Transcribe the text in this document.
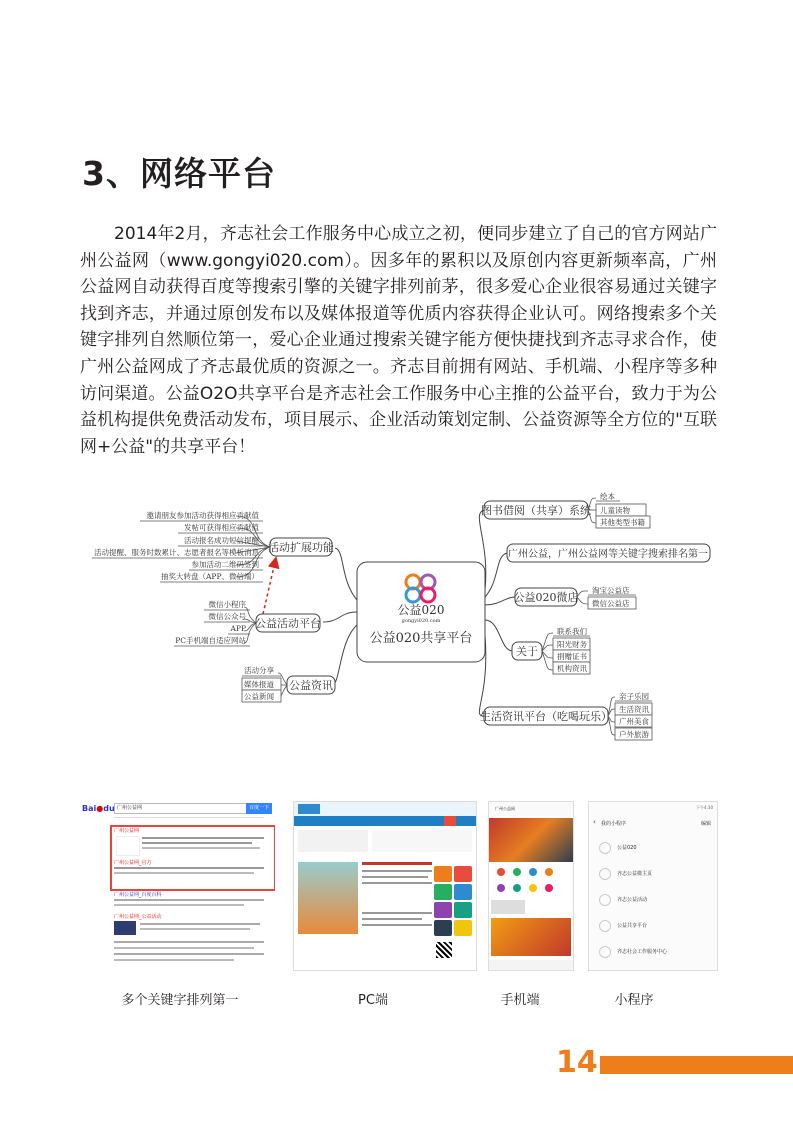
3、网络平台

2014年2月，齐志社会工作服务中心成立之初，便同步建立了自己的官方网站广州公益网（www.gongyi020.com）。因多年的累积以及原创内容更新频率高，广州公益网自动获得百度等搜索引擎的关键字排列前茅，很多爱心企业很容易通过关键字找到齐志，并通过原创发布以及媒体报道等优质内容获得企业认可。网络搜索多个关键字排列自然顺位第一，爱心企业通过搜索关键字能方便快捷找到齐志寻求合作，使广州公益网成了齐志最优质的资源之一。齐志目前拥有网站、手机端、小程序等多种访问渠道。公益O2O共享平台是齐志社会工作服务中心主推的公益平台，致力于为公益机构提供免费活动发布，项目展示、企业活动策划定制、公益资源等全方位的"互联网+公益"的共享平台！

公益020
gongyi020.com
公益020共享平台
活动扩展功能
邀请朋友参加活动获得相应贡献值
发帖可获得相应贡献值
活动报名成功短信提醒
活动提醒、服务时数累计、志愿者报名等模板消息
参加活动二维码签到
抽奖大转盘（APP、微信端）
公益活动平台
微信小程序
微信公众号
APP
PC手机端自适应网站
公益资讯
活动分享
媒体报道
公益新闻
图书借阅（共享）系统
绘本
儿童读物
其他类型书籍
广州公益，广州公益网等关键字搜索排名第一
公益020微店
淘宝公益店
微信公益店
关于
联系我们
阳光财务
捐赠证书
机构资讯
生活资讯平台（吃喝玩乐）
亲子乐园
生活资讯
广州美食
户外旅游
Bai●du 广州公益网	百度一下
广州公益网
广州公益网_官方
广州公益网_百度百科
广州公益网_公益活动
广州公益网	下午4:30
‹ 我的小程序	编辑
公益020
齐志公益微主页
齐志公益活动
公益共享平台
齐志社会工作服务中心
多个关键字排列第一	PC端	手机端	小程序
14
